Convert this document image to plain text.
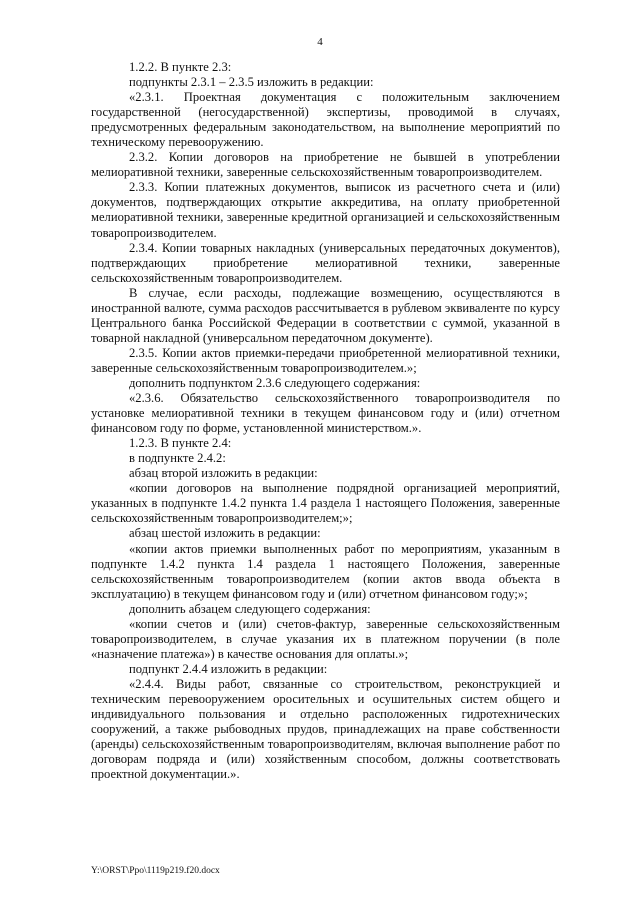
4

1.2.2. В пункте 2.3:

подпункты 2.3.1 – 2.3.5 изложить в редакции:

«2.3.1. Проектная документация с положительным заключением государственной (негосударственной) экспертизы, проводимой в случаях, предусмотренных федеральным законодательством, на выполнение мероприятий по техническому перевооружению.

2.3.2. Копии договоров на приобретение не бывшей в употреблении мелиоративной техники, заверенные сельскохозяйственным товаропроизводителем.

2.3.3. Копии платежных документов, выписок из расчетного счета и (или) документов, подтверждающих открытие аккредитива, на оплату приобретенной мелиоративной техники, заверенные кредитной организацией и сельскохозяйственным товаропроизводителем.

2.3.4. Копии товарных накладных (универсальных передаточных документов), подтверждающих приобретение мелиоративной техники, заверенные сельскохозяйственным товаропроизводителем.

В случае, если расходы, подлежащие возмещению, осуществляются в иностранной валюте, сумма расходов рассчитывается в рублевом эквиваленте по курсу Центрального банка Российской Федерации в соответствии с суммой, указанной в товарной накладной (универсальном передаточном документе).

2.3.5. Копии актов приемки-передачи приобретенной мелиоративной техники, заверенные сельскохозяйственным товаропроизводителем.»;

дополнить подпунктом 2.3.6 следующего содержания:

«2.3.6. Обязательство сельскохозяйственного товаропроизводителя по установке мелиоративной техники в текущем финансовом году и (или) отчетном финансовом году по форме, установленной министерством.».

1.2.3. В пункте 2.4:

в подпункте 2.4.2:

абзац второй изложить в редакции:

«копии договоров на выполнение подрядной организацией мероприятий, указанных в подпункте 1.4.2 пункта 1.4 раздела 1 настоящего Положения, заверенные сельскохозяйственным товаропроизводителем;»;

абзац шестой изложить в редакции:

«копии актов приемки выполненных работ по мероприятиям, указанным в подпункте 1.4.2 пункта 1.4 раздела 1 настоящего Положения, заверенные сельскохозяйственным товаропроизводителем (копии актов ввода объекта в эксплуатацию) в текущем финансовом году и (или) отчетном финансовом году;»;

дополнить абзацем следующего содержания:

«копии счетов и (или) счетов-фактур, заверенные сельскохозяйственным товаропроизводителем, в случае указания их в платежном поручении (в поле «назначение платежа») в качестве основания для оплаты.»;

подпункт 2.4.4 изложить в редакции:

«2.4.4. Виды работ, связанные со строительством, реконструкцией и техническим перевооружением оросительных и осушительных систем общего и индивидуального пользования и отдельно расположенных гидротехнических сооружений, а также рыбоводных прудов, принадлежащих на праве собственности (аренды) сельскохозяйственным товаропроизводителям, включая выполнение работ по договорам подряда и (или) хозяйственным способом, должны соответствовать проектной документации.».

Y:\ORST\Ppo\1119p219.f20.docx
